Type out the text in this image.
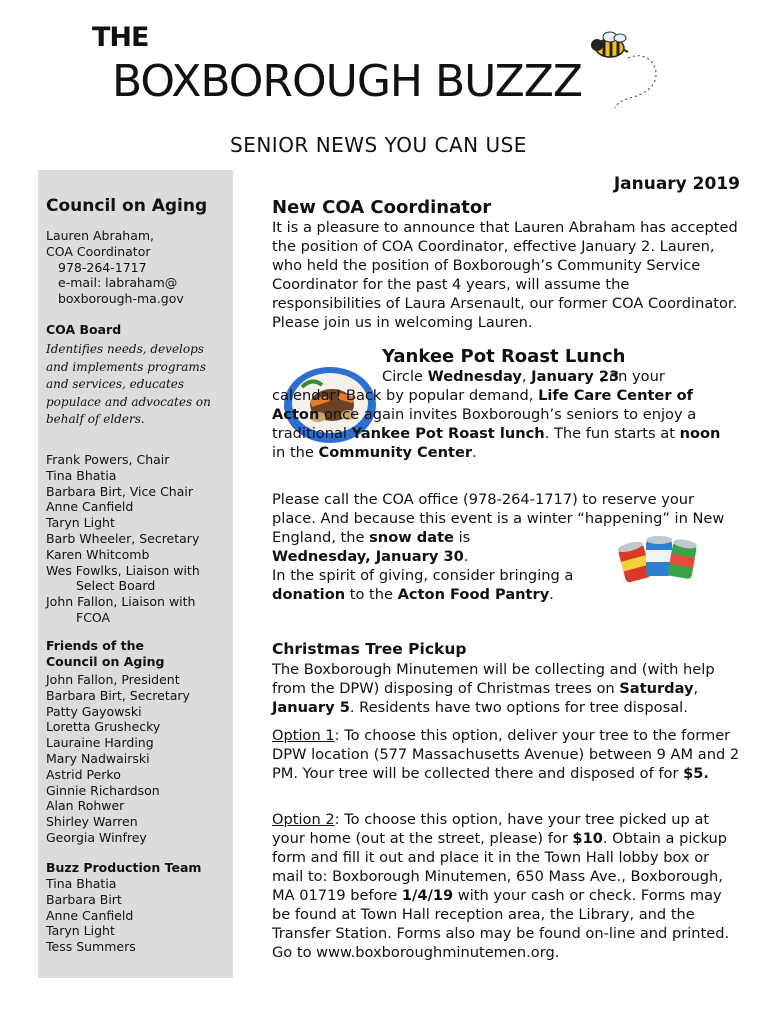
THE
BOXBOROUGH BUZZZ
SENIOR NEWS YOU CAN USE
Council on Aging
Lauren Abraham,
COA Coordinator
978-264-1717
e-mail: labraham@
boxborough-ma.gov
COA Board
Identifies needs, develops and implements programs and services, educates populace and advocates on behalf of elders.
Frank Powers, Chair
Tina Bhatia
Barbara Birt, Vice Chair
Anne Canfield
Taryn Light
Barb Wheeler, Secretary
Karen Whitcomb
Wes Fowlks, Liaison with
Select Board
John Fallon, Liaison with
FCOA
Friends of the
Council on Aging
John Fallon, President
Barbara Birt, Secretary
Patty Gayowski
Loretta Grushecky
Lauraine Harding
Mary Nadwairski
Astrid Perko
Ginnie Richardson
Alan Rohwer
Shirley Warren
Georgia Winfrey
Buzz Production Team
Tina Bhatia
Barbara Birt
Anne Canfield
Taryn Light
Tess Summers
January 2019
New COA Coordinator
It is a pleasure to announce that Lauren Abraham has accepted the position of COA Coordinator, effective January 2. Lauren, who held the position of Boxborough’s Community Service Coordinator for the past 4 years, will assume the responsibilities of Laura Arsenault, our former COA Coordinator. Please join us in welcoming Lauren.
Yankee Pot Roast Lunch
Circle Wednesday, January 23
, on your calendar! Back by popular demand, Life Care Center of Acton once again invites Boxborough’s seniors to enjoy a traditional Yankee Pot Roast lunch. The fun starts at noon in the Community Center.
Please call the COA office (978-264-1717) to reserve your place. And because this event is a winter “happening” in New England, the snow date is
Wednesday, January 30.
In the spirit of giving, consider bringing a donation to the Acton Food Pantry.
Christmas Tree Pickup
The Boxborough Minutemen will be collecting and (with help from the DPW) disposing of Christmas trees on Saturday, January 5. Residents have two options for tree disposal.
Option 1: To choose this option, deliver your tree to the former DPW location (577 Massachusetts Avenue) between 9 AM and 2 PM. Your tree will be collected there and disposed of for $5.
Option 2: To choose this option, have your tree picked up at your home (out at the street, please) for $10. Obtain a pickup form and fill it out and place it in the Town Hall lobby box or mail to: Boxborough Minutemen, 650 Mass Ave., Boxborough, MA 01719 before 1/4/19 with your cash or check. Forms may be found at Town Hall reception area, the Library, and the Transfer Station. Forms also may be found on-line and printed. Go to www.boxboroughminutemen.org.
